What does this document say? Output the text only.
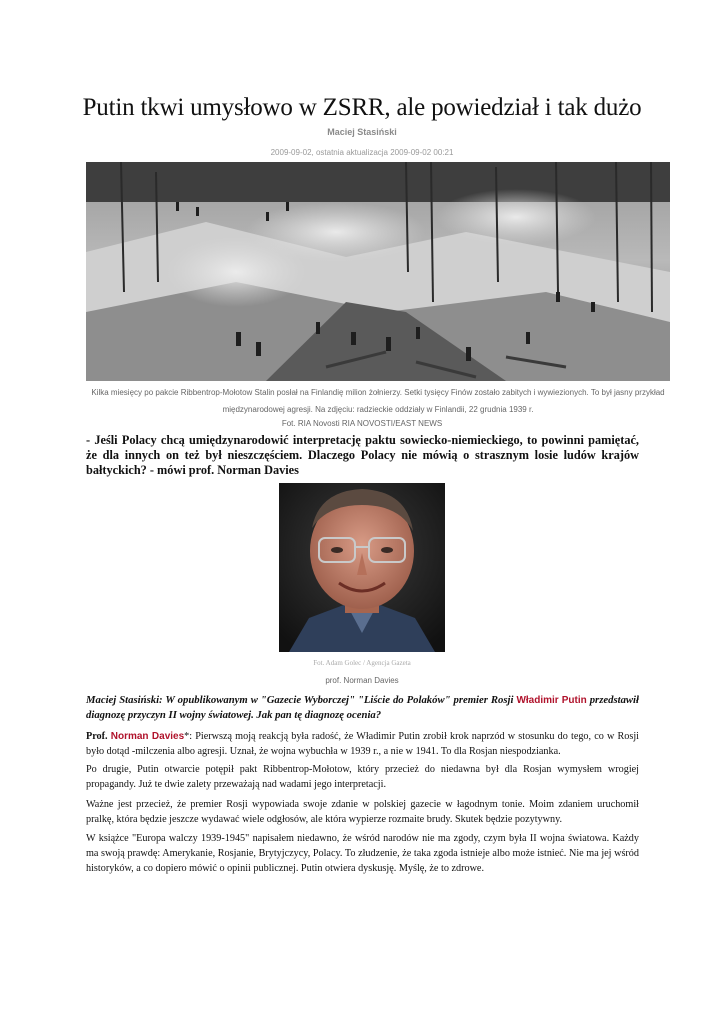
Putin tkwi umysłowo w ZSRR, ale powiedział i tak dużo
Maciej Stasiński
2009-09-02, ostatnia aktualizacja 2009-09-02 00:21
Kilka miesięcy po pakcie Ribbentrop-Mołotow Stalin posłał na Finlandię milion żołnierzy. Setki tysięcy Finów zostało zabitych i wywiezionych. To był jasny przykład międzynarodowej agresji. Na zdjęciu: radzieckie oddziały w Finlandii, 22 grudnia 1939 r.
Fot. RIA Novosti RIA NOVOSTI/EAST NEWS
- Jeśli Polacy chcą umiędzynarodowić interpretację paktu sowiecko-niemieckiego, to powinni pamiętać, że dla innych on też był nieszczęściem. Dlaczego Polacy nie mówią o strasznym losie ludów krajów bałtyckich? - mówi prof. Norman Davies
Fot. Adam Golec / Agencja Gazeta
prof. Norman Davies
Maciej Stasiński: W opublikowanym w "Gazecie Wyborczej" "Liście do Polaków" premier Rosji Władimir Putin przedstawił diagnozę przyczyn II wojny światowej. Jak pan tę diagnozę ocenia?
Prof. Norman Davies*: Pierwszą moją reakcją była radość, że Władimir Putin zrobił krok naprzód w stosunku do tego, co w Rosji było dotąd -milczenia albo agresji. Uznał, że wojna wybuchła w 1939 r., a nie w 1941. To dla Rosjan niespodzianka.
Po drugie, Putin otwarcie potępił pakt Ribbentrop-Mołotow, który przecież do niedawna był dla Rosjan wymysłem wrogiej propagandy. Już te dwie zalety przeważają nad wadami jego interpretacji.
Ważne jest przecież, że premier Rosji wypowiada swoje zdanie w polskiej gazecie w łagodnym tonie. Moim zdaniem uruchomił pralkę, która będzie jeszcze wydawać wiele odgłosów, ale która wypierze rozmaite brudy. Skutek będzie pozytywny.
W książce "Europa walczy 1939-1945" napisałem niedawno, że wśród narodów nie ma zgody, czym była II wojna światowa. Każdy ma swoją prawdę: Amerykanie, Rosjanie, Brytyjczycy, Polacy. To złudzenie, że taka zgoda istnieje albo może istnieć. Nie ma jej wśród historyków, a co dopiero mówić o opinii publicznej. Putin otwiera dyskusję. Myślę, że to zdrowe.
